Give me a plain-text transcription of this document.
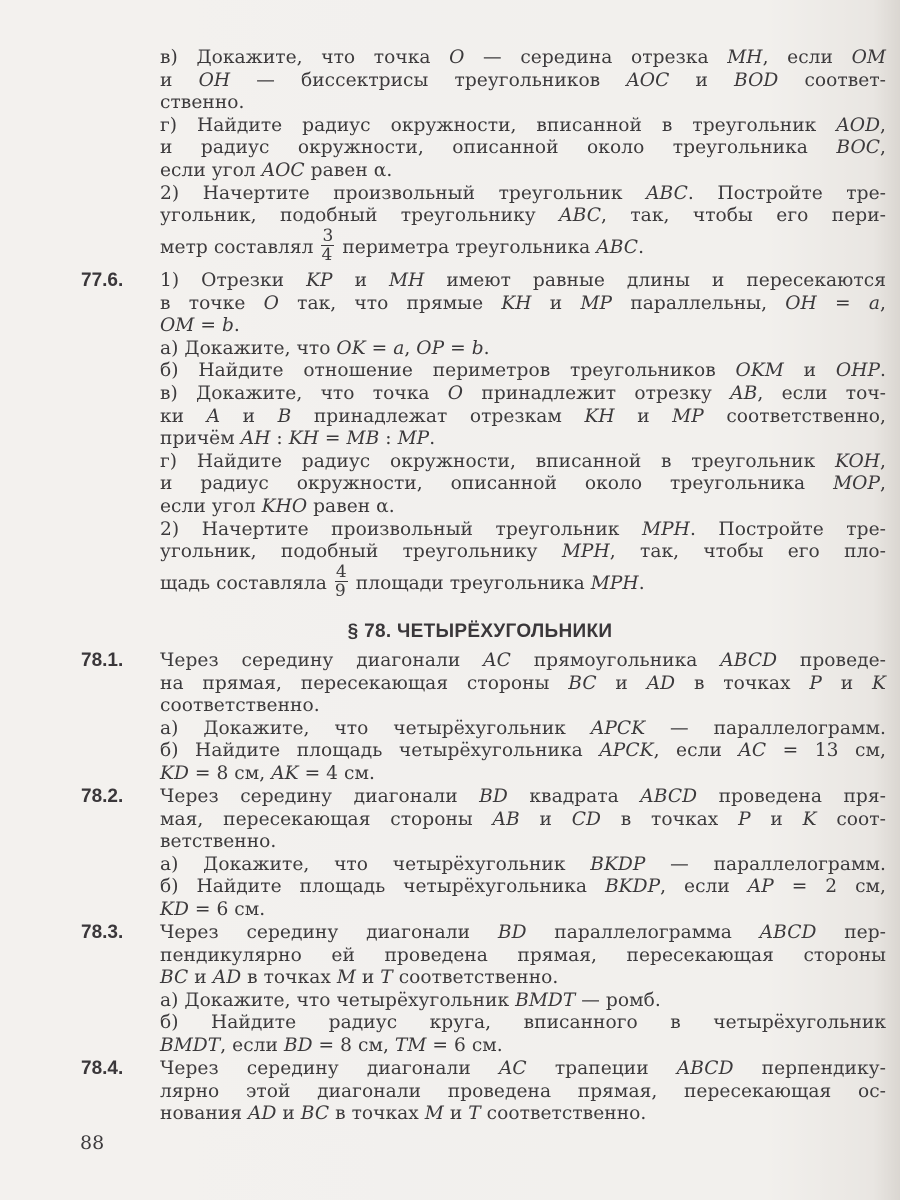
в) Докажите, что точка O — середина отрезка MH, если OM
и OH — биссектрисы треугольников AOC и BOD соответ-
ственно.
г) Найдите радиус окружности, вписанной в треугольник AOD,
и радиус окружности, описанной около треугольника BOC,
если угол AOC равен α.
2) Начертите произвольный треугольник ABC. Постройте тре-
угольник, подобный треугольнику ABC, так, чтобы его пери-
метр составлял $\frac{3}{4}$ периметра треугольника ABC.
77.6. 1) Отрезки KP и MH имеют равные длины и пересекаются
в точке O так, что прямые KH и MP параллельны, OH = a,
OM = b.
а) Докажите, что OK = a, OP = b.
б) Найдите отношение периметров треугольников OKM и OHP.
в) Докажите, что точка O принадлежит отрезку AB, если точ-
ки A и B принадлежат отрезкам KH и MP соответственно,
причём AH : KH = MB : MP.
г) Найдите радиус окружности, вписанной в треугольник KOH,
и радиус окружности, описанной около треугольника MOP,
если угол KHO равен α.
2) Начертите произвольный треугольник MPH. Постройте тре-
угольник, подобный треугольнику MPH, так, чтобы его пло-
щадь составляла $\frac{4}{9}$ площади треугольника MPH.
§ 78. ЧЕТЫРЁХУГОЛЬНИКИ
78.1. Через середину диагонали AC прямоугольника ABCD проведе-
на прямая, пересекающая стороны BC и AD в точках P и K
соответственно.
а) Докажите, что четырёхугольник APCK — параллелограмм.
б) Найдите площадь четырёхугольника APCK, если AC = 13 см,
KD = 8 см, AK = 4 см.
78.2. Через середину диагонали BD квадрата ABCD проведена пря-
мая, пересекающая стороны AB и CD в точках P и K соот-
ветственно.
а) Докажите, что четырёхугольник BKDP — параллелограмм.
б) Найдите площадь четырёхугольника BKDP, если AP = 2 см,
KD = 6 см.
78.3. Через середину диагонали BD параллелограмма ABCD пер-
пендикулярно ей проведена прямая, пересекающая стороны
BC и AD в точках M и T соответственно.
а) Докажите, что четырёхугольник BMDT — ромб.
б) Найдите радиус круга, вписанного в четырёхугольник
BMDT, если BD = 8 см, TM = 6 см.
78.4. Через середину диагонали AC трапеции ABCD перпендику-
лярно этой диагонали проведена прямая, пересекающая ос-
нования AD и BC в точках M и T соответственно.
88
